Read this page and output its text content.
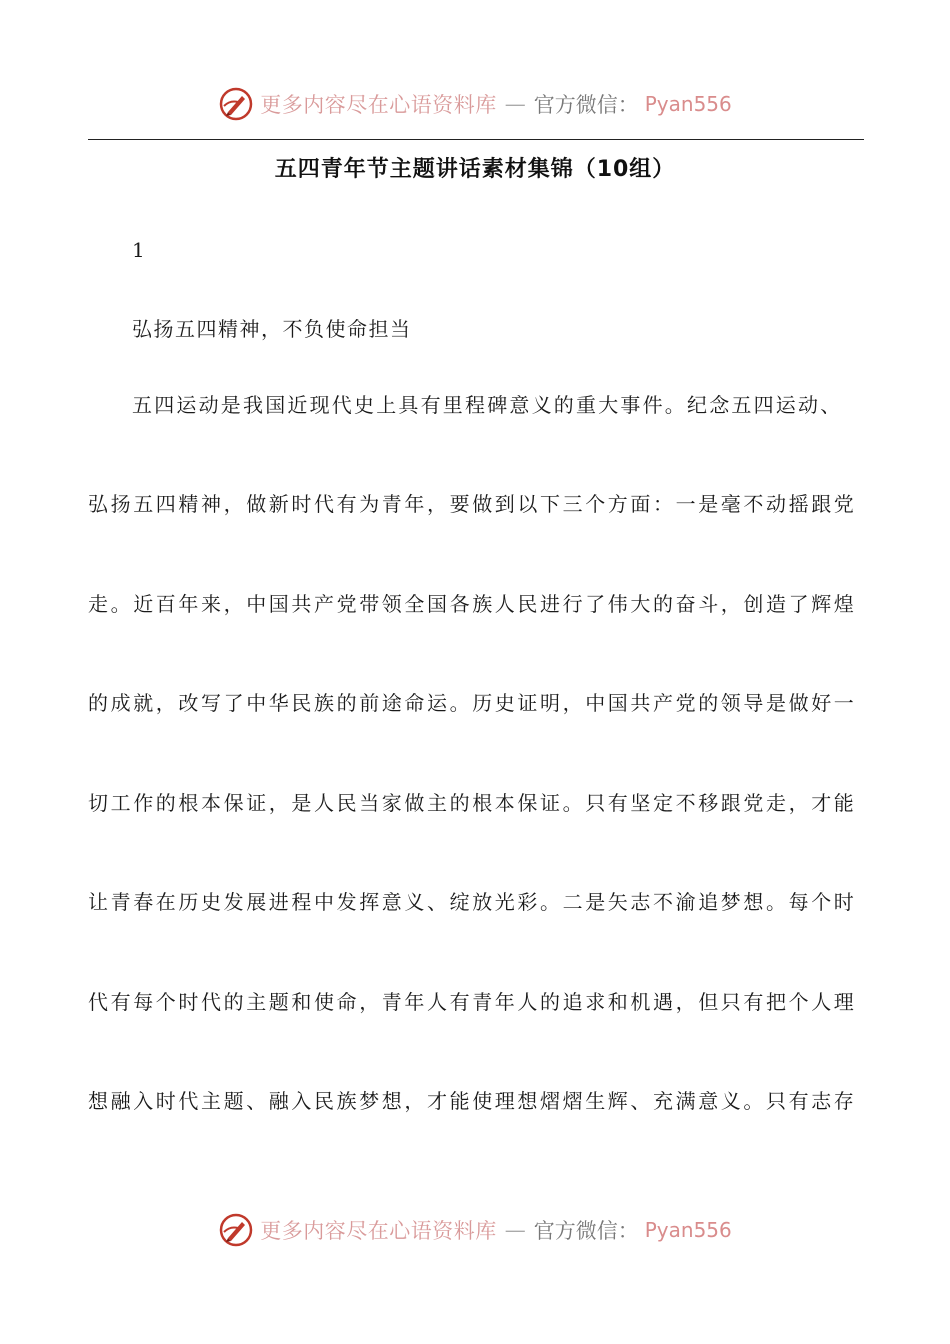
更多内容尽在心语资料库 — 官方微信： Pyan556
五四青年节主题讲话素材集锦（10组）
1
弘扬五四精神，不负使命担当
五四运动是我国近现代史上具有里程碑意义的重大事件。纪念五四运动、
弘扬五四精神，做新时代有为青年，要做到以下三个方面：一是毫不动摇跟党
走。近百年来，中国共产党带领全国各族人民进行了伟大的奋斗，创造了辉煌
的成就，改写了中华民族的前途命运。历史证明，中国共产党的领导是做好一
切工作的根本保证，是人民当家做主的根本保证。只有坚定不移跟党走，才能
让青春在历史发展进程中发挥意义、绽放光彩。二是矢志不渝追梦想。每个时
代有每个时代的主题和使命，青年人有青年人的追求和机遇，但只有把个人理
想融入时代主题、融入民族梦想，才能使理想熠熠生辉、充满意义。只有志存
更多内容尽在心语资料库 — 官方微信： Pyan556
